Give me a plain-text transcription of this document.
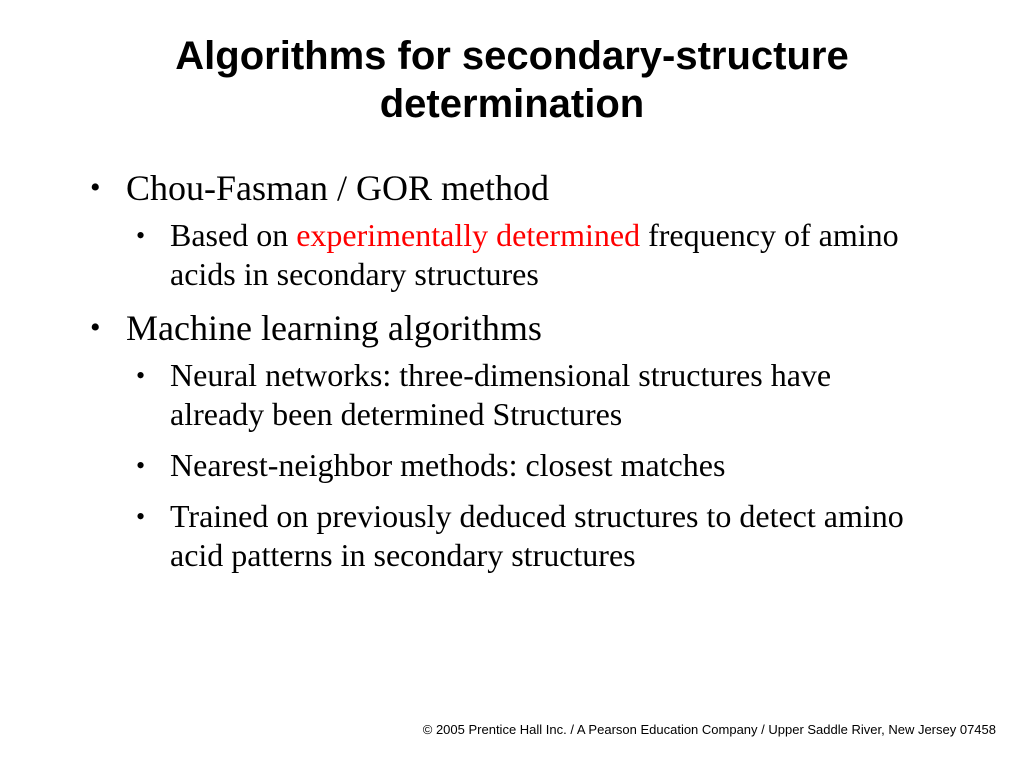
Algorithms for secondary-structure
determination
• Chou-Fasman / GOR method
• Based on experimentally determined frequency of amino acids in secondary structures
• Machine learning algorithms
• Neural networks: three-dimensional structures have already been determined Structures
• Nearest-neighbor methods: closest matches
• Trained on previously deduced structures to detect amino acid patterns in secondary structures
© 2005 Prentice Hall Inc. / A Pearson Education Company / Upper Saddle River, New Jersey 07458
